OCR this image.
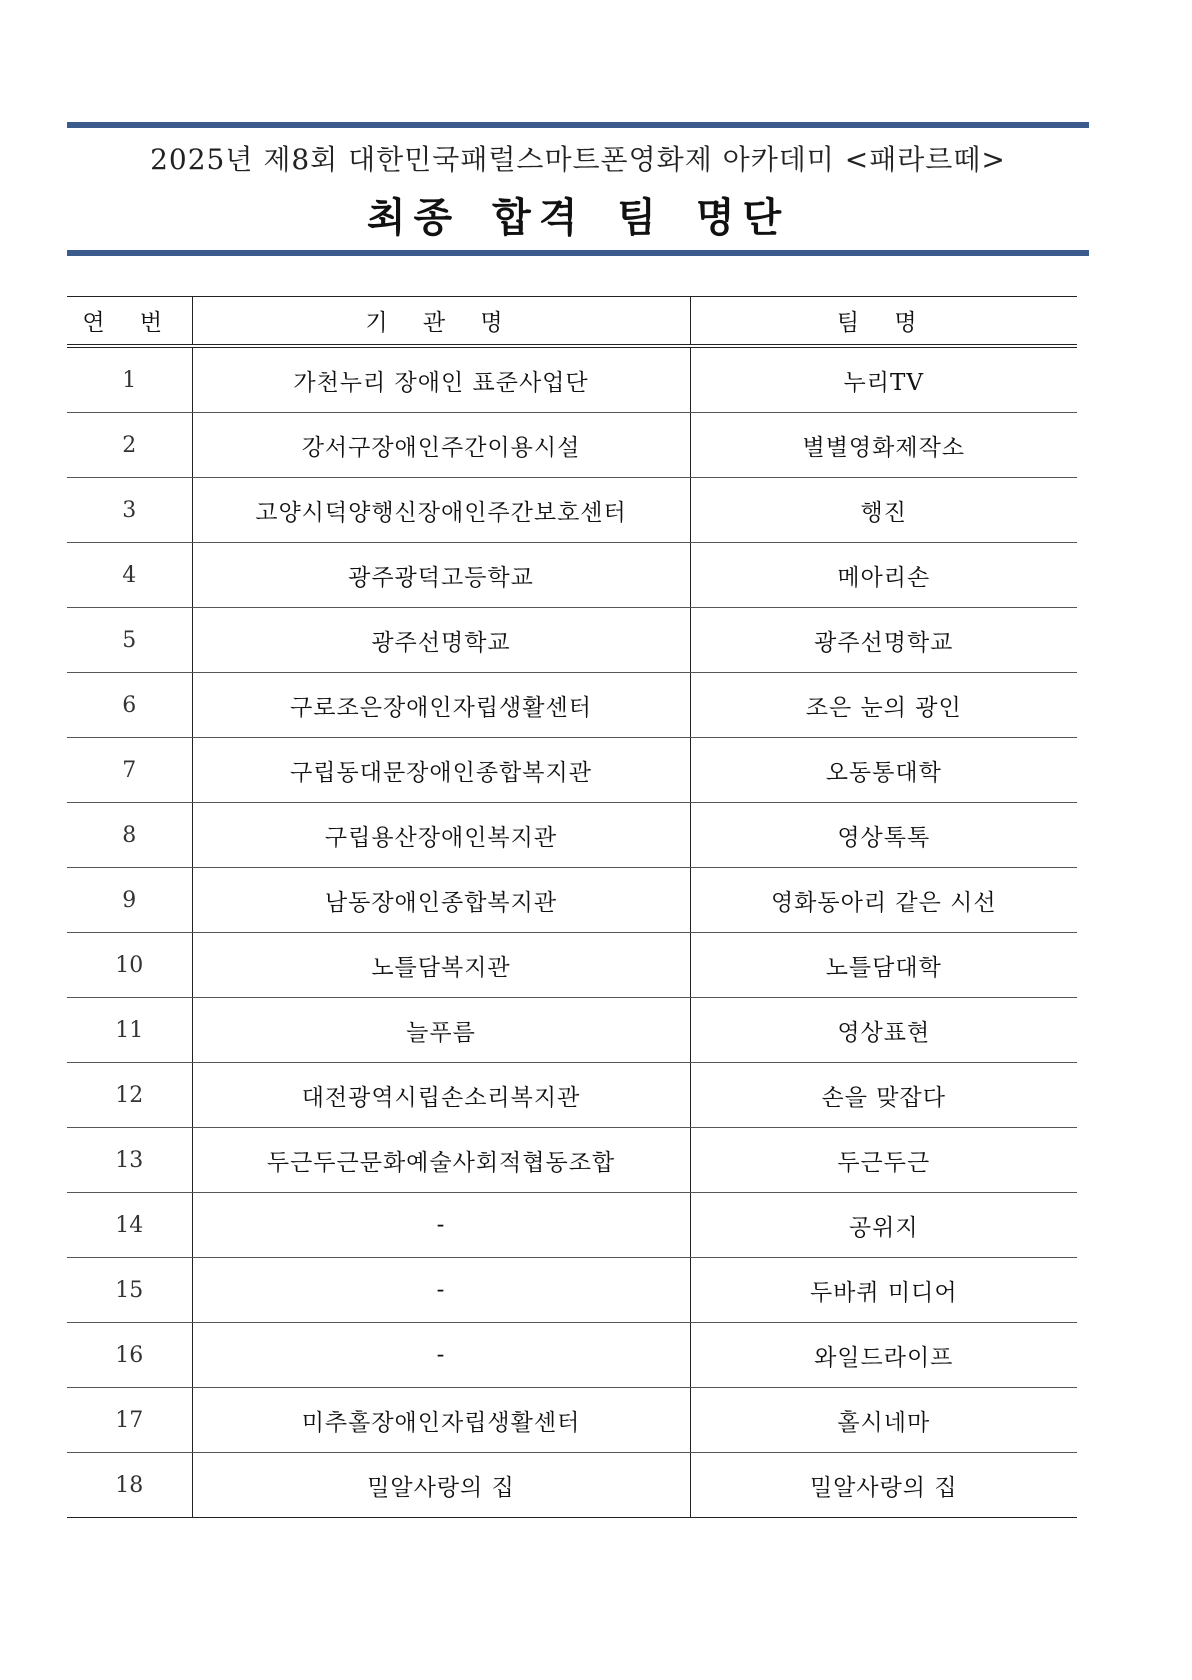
2025년 제8회 대한민국패럴스마트폰영화제 아카데미 <패라르떼>
최종 합격 팀 명단
연 번	기 관 명	팀 명
1	가천누리 장애인 표준사업단	누리TV
2	강서구장애인주간이용시설	별별영화제작소
3	고양시덕양행신장애인주간보호센터	행진
4	광주광덕고등학교	메아리손
5	광주선명학교	광주선명학교
6	구로조은장애인자립생활센터	조은 눈의 광인
7	구립동대문장애인종합복지관	오동통대학
8	구립용산장애인복지관	영상톡톡
9	남동장애인종합복지관	영화동아리 같은 시선
10	노틀담복지관	노틀담대학
11	늘푸름	영상표현
12	대전광역시립손소리복지관	손을 맞잡다
13	두근두근문화예술사회적협동조합	두근두근
14	-	공위지
15	-	두바퀴 미디어
16	-	와일드라이프
17	미추홀장애인자립생활센터	홀시네마
18	밀알사랑의 집	밀알사랑의 집
